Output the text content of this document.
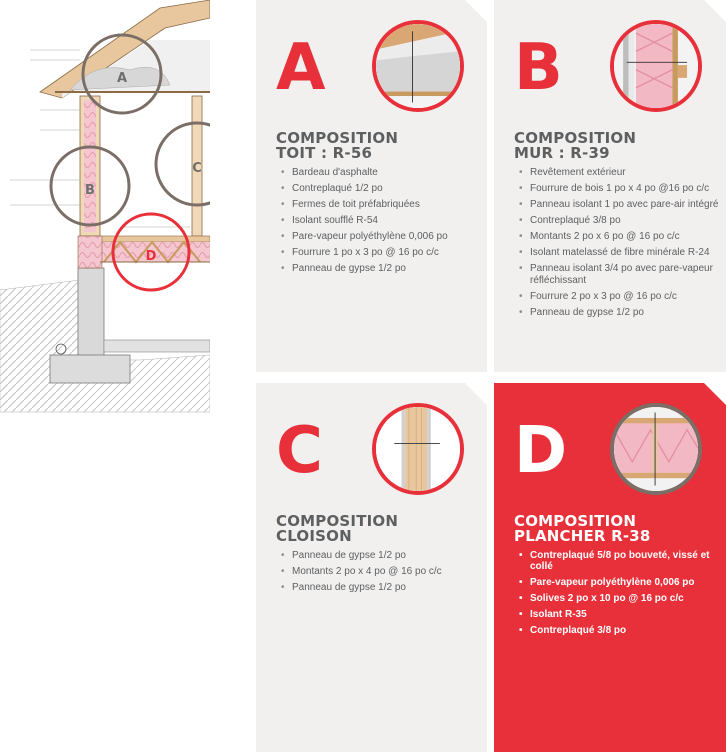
A
B
C
D
A
COMPOSITION
TOIT : R-56
• Bardeau d'asphalte
• Contreplaqué 1/2 po
• Fermes de toit préfabriquées
• Isolant soufflé R-54
• Pare-vapeur polyéthylène 0,006 po
• Fourrure 1 po x 3 po @ 16 po c/c
• Panneau de gypse 1/2 po
B
COMPOSITION
MUR : R-39
• Revêtement extérieur
• Fourrure de bois 1 po x 4 po @16 po c/c
• Panneau isolant 1 po avec pare-air intégré
• Contreplaqué 3/8 po
• Montants 2 po x 6 po @ 16 po c/c
• Isolant matelassé de fibre minérale R-24
• Panneau isolant 3/4 po avec pare-vapeur réfléchissant
• Fourrure 2 po x 3 po @ 16 po c/c
• Panneau de gypse 1/2 po
C
COMPOSITION
CLOISON
• Panneau de gypse 1/2 po
• Montants 2 po x 4 po @ 16 po c/c
• Panneau de gypse 1/2 po
D
COMPOSITION
PLANCHER R-38
• Contreplaqué 5/8 po bouveté, vissé et collé
• Pare-vapeur polyéthylène 0,006 po
• Solives 2 po x 10 po @ 16 po c/c
• Isolant R-35
• Contreplaqué 3/8 po
